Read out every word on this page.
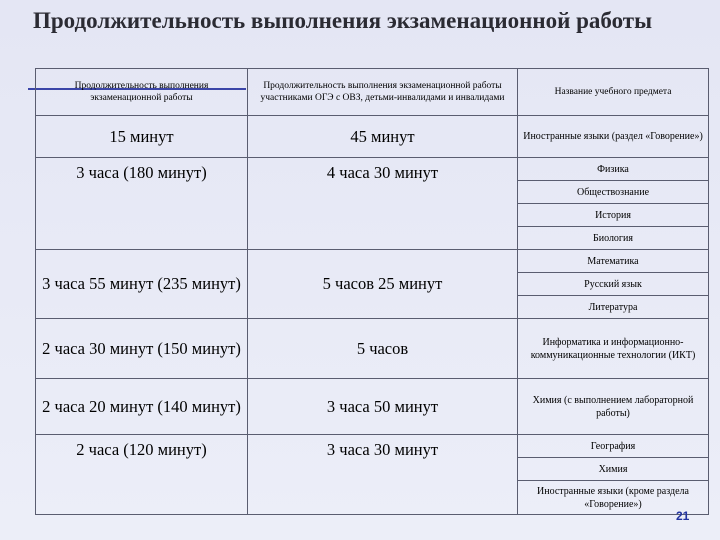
Продолжительность выполнения экзаменационной работы
Продолжительность выполнения экзаменационной работы	Продолжительность выполнения экзаменационной работы участниками ОГЭ с ОВЗ, детьми-инвалидами и инвалидами	Название учебного предмета
15 минут	45 минут	Иностранные языки (раздел «Говорение»)
3 часа (180 минут)	4 часа 30 минут	Физика
		Обществознание
		История
		Биология
3 часа 55 минут (235 минут)	5 часов 25 минут	Математика
		Русский язык
		Литература
2 часа 30 минут (150 минут)	5 часов	Информатика и информационно-коммуникационные технологии (ИКТ)
2 часа 20 минут (140 минут)	3 часа 50 минут	Химия (с выполнением лабораторной работы)
2 часа (120 минут)	3 часа 30 минут	География
		Химия
		Иностранные языки (кроме раздела «Говорение»)
21
